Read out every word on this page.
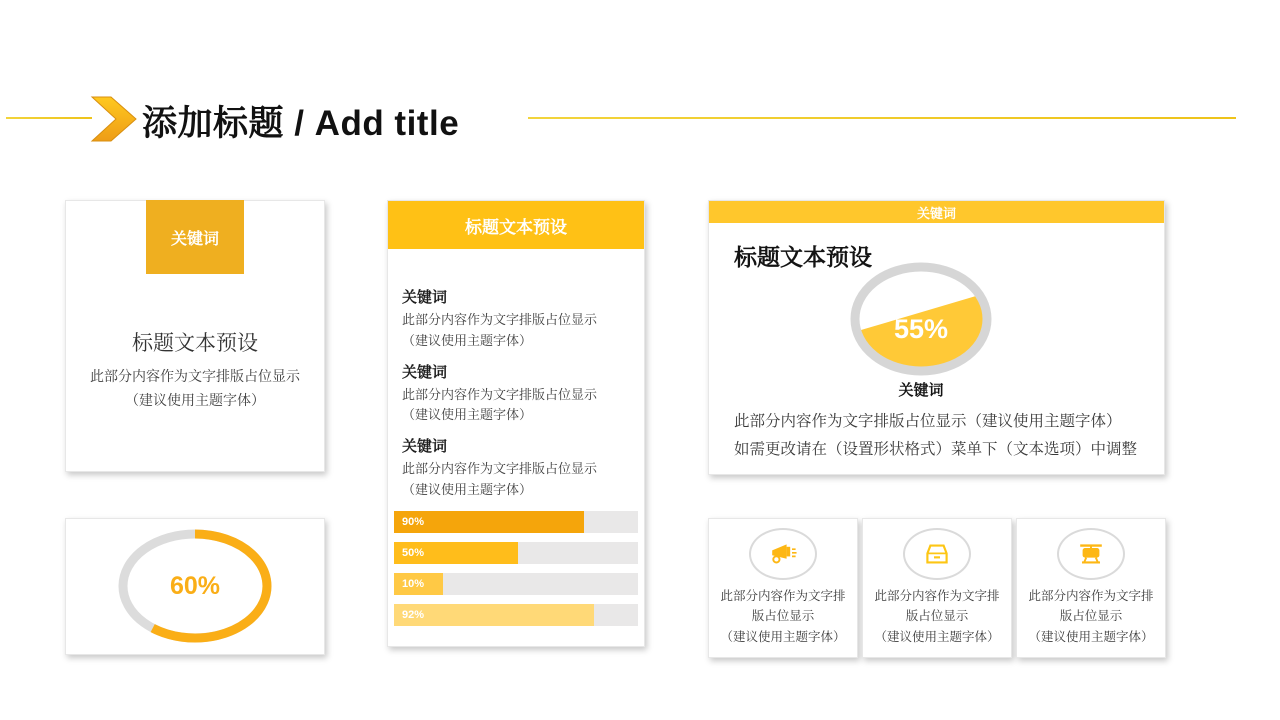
添加标题 / Add title
关键词
标题文本预设
此部分内容作为文字排版占位显示
（建议使用主题字体）
60%
标题文本预设
关键词

此部分内容作为文字排版占位显示

（建议使用主题字体）

关键词

此部分内容作为文字排版占位显示

（建议使用主题字体）

关键词

此部分内容作为文字排版占位显示

（建议使用主题字体）

90%
50%
10%
92%
关键词
标题文本预设
55%
关键词
此部分内容作为文字排版占位显示（建议使用主题字体）
如需更改请在（设置形状格式）菜单下（文本选项）中调整

此部分内容作为文字排

版占位显示

（建议使用主题字体）

此部分内容作为文字排

版占位显示

（建议使用主题字体）

此部分内容作为文字排

版占位显示

（建议使用主题字体）
